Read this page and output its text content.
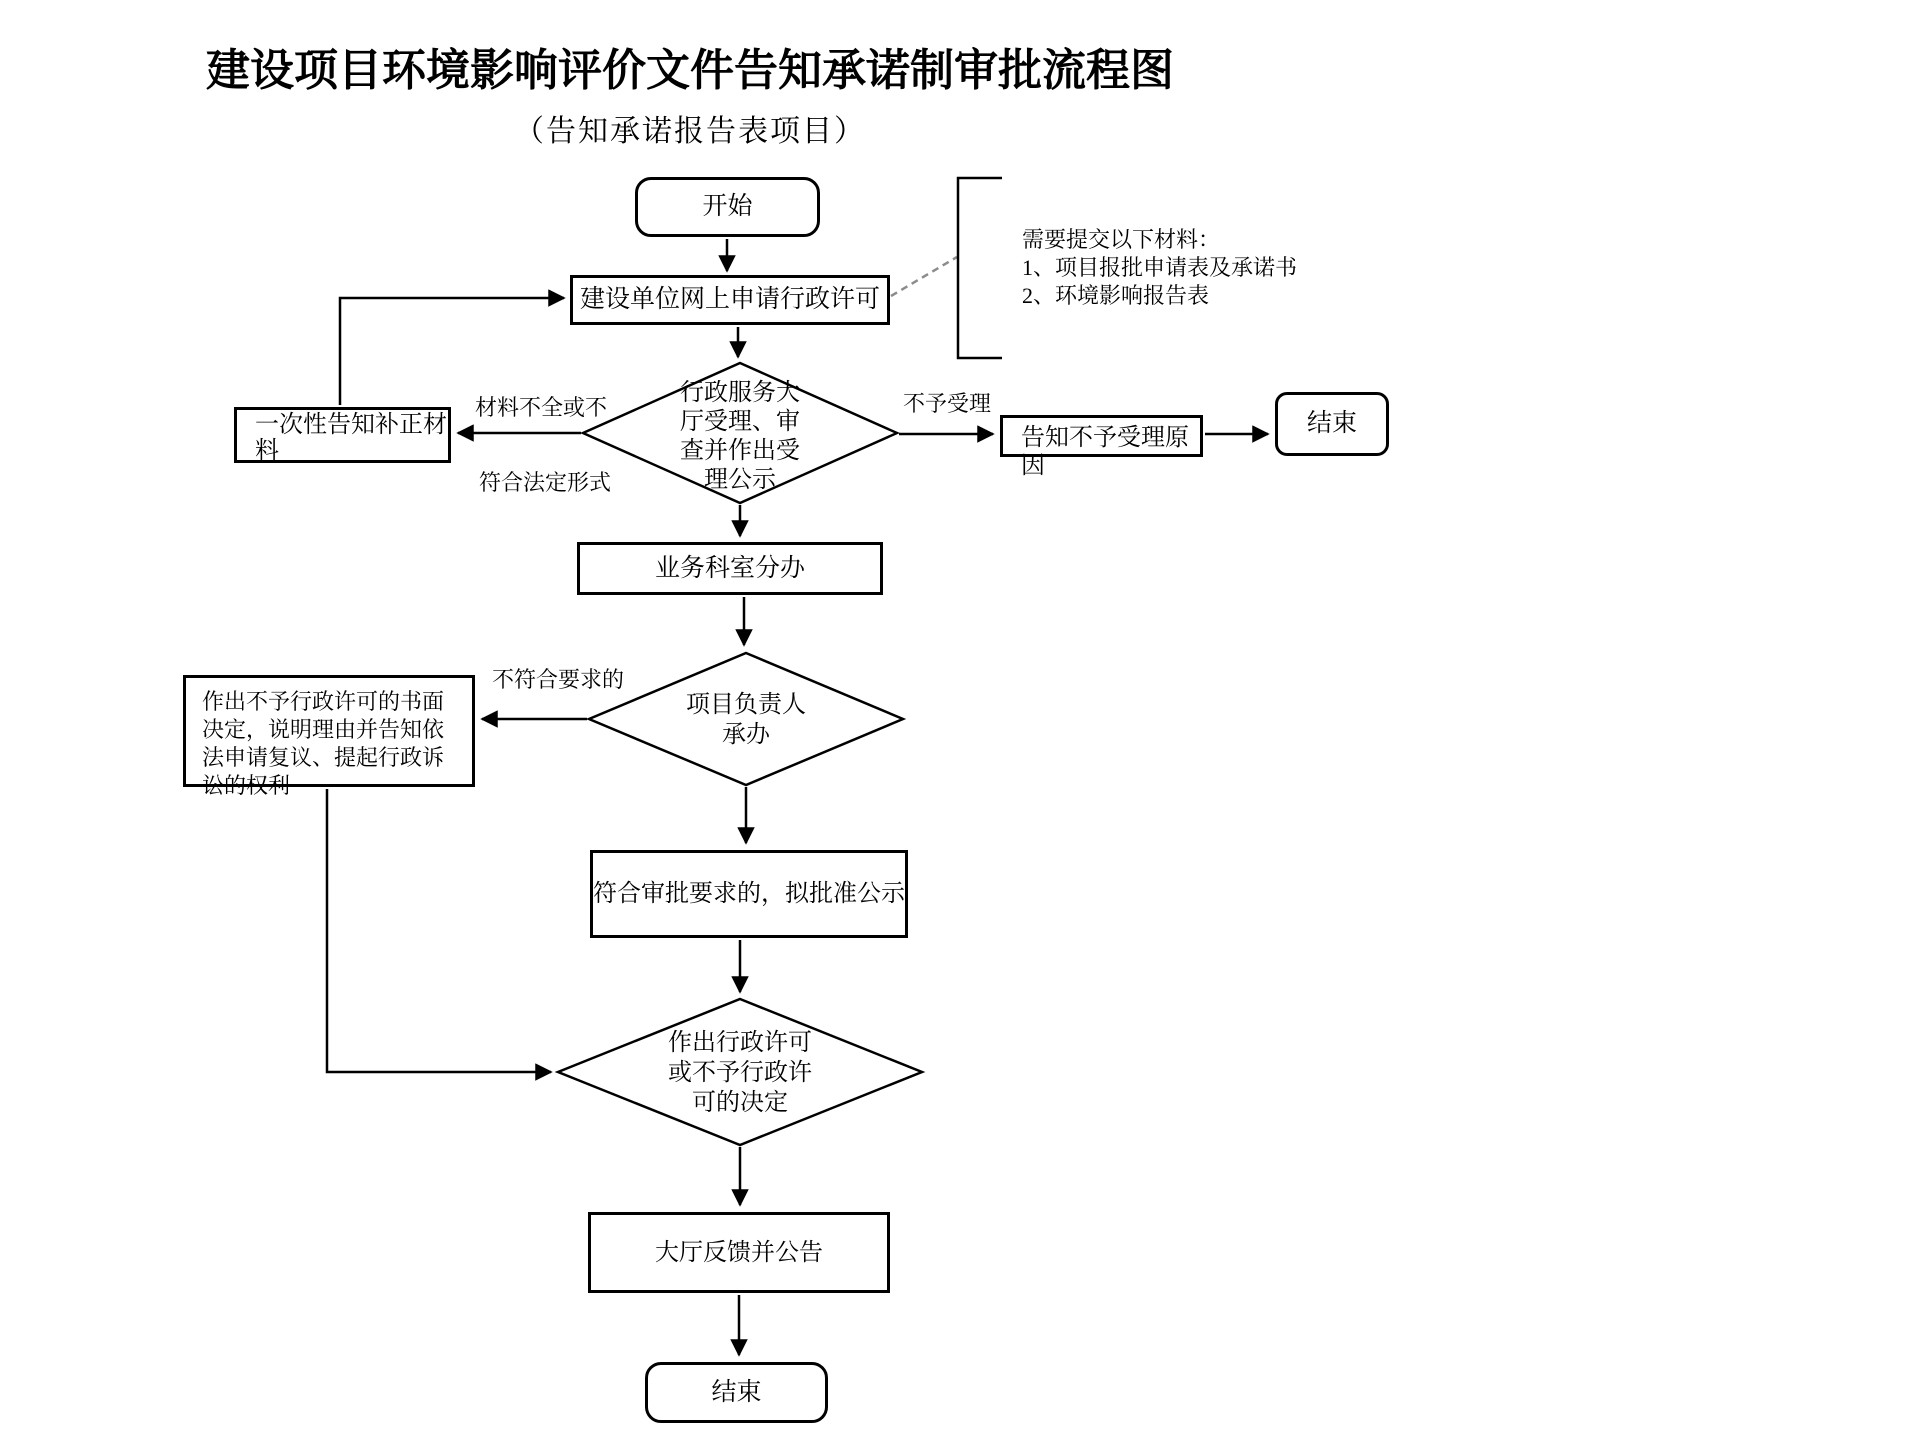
建设项目环境影响评价文件告知承诺制审批流程图
（告知承诺报告表项目）
开始
建设单位网上申请行政许可
一次性告知补正材料	告知不予受理原因
结束
业务科室分办
作出不予行政许可的书面决定，说明理由并告知依法申请复议、提起行政诉讼的权利
符合审批要求的，拟批准公示
大厅反馈并公告
结束
行政服务大厅受理、审查并作出受理公示
项目负责人承办
作出行政许可或不予行政许可的决定
材料不全或不
符合法定形式
不予受理
不符合要求的
需要提交以下材料：
1、项目报批申请表及承诺书
2、环境影响报告表
